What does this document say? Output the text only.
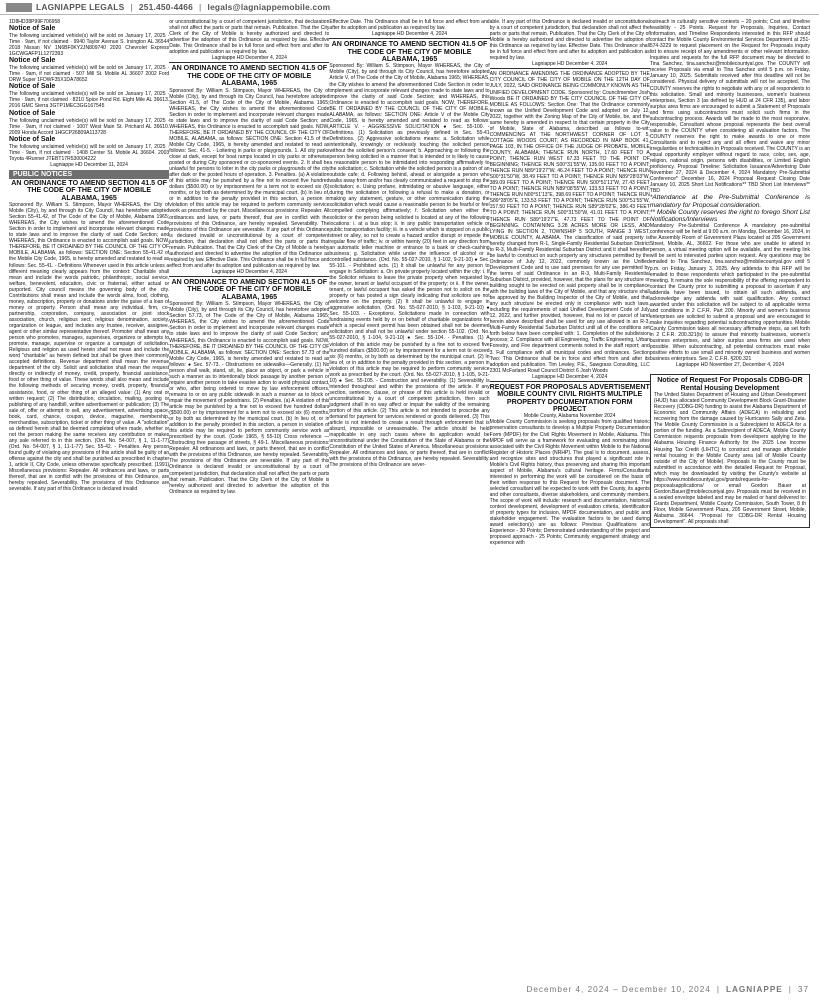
LAGNIAPPE LEGALS | 251.450-4466 | legals@lagniappemobile.com

1D8HD38P99F706958

Notice of Sale

The following unclaimed vehicle(s) will be sold on January 17, 2025 · Time · 9am, if not claimed · 9940 Taylor Avenue S. Irvington AL 36544 2018 Nissan NV 1N6BF0KY2JN809740 2020 Chevrolet Express 1GCWGAFP1L1272393

Notice of Sale

The following unclaimed vehicle(s) will be sold on January 17, 2025 · Time · 9am, if not claimed · 507 Mill St. Mobile AL 36607 2002 Ford DRW Super 1FDWF35X1DA78652

Notice of Sale

The following unclaimed vehicle(s) will be sold on January 17, 2025 · Time · 9am, if not claimed · 8210 Spice Pond Rd. Eight Mile AL 36613. 2016 GMC Sierra 3GTP1MEC3GG167545

Notice of Sale

The following unclaimed vehicle(s) will be sold on January 17, 2025 · Time · 9am, if not claimed · 1007 West Main St. Prichard AL 36610. 2009 Honda Accord 1HGCP26809A113728

Notice of Sale

The following unclaimed vehicle(s) will be sold on January 17, 2025 · Time · 9am, if not claimed · 1408 Center St. Mobile AL 36604. 2003 Toyota 4Runner JTEBT17R530004222

Lagniappe HD December 11, 2024

PUBLIC NOTICES

AN ORDINANCE TO AMEND SECTION 41.5 OF THE CODE OF THE CITY OF MOBILE ALABAMA, 1965

Sponsored By: William S. Stimpson, Mayor WHEREAS, the City of Mobile (City), by and through its City Council, has heretofore adopted Section 55-41.42, of The Code of the City of Mobile, Alabama 1965; WHEREAS, the City wishes to amend the aforementioned Code Section in order to implement and incorporate relevant changes made to state laws and to improve the clarity of said Code Section; and WHEREAS, this Ordinance is enacted to accomplish said goals. NOW, THEREFORE, BE IT ORDAINED BY THE COUNCIL OF THE CITY OF MOBILE, ALABAMA, as follows: SECTION ONE: Section 55-41.42 of the Mobile City Code, 1965, is hereby amended and restated to read as follows: Sec. 55-41. - Definitions Whenever used in this article unless a different meaning clearly appears from the context: Charitable shall mean and include the words patriotic, philanthropic, social service, welfare, benevolent, education, civic or fraternal, either actual or purported. City council means the governing body of the city. Contributions shall mean and include the words alms, food, clothing, money, subscription, property or donations under the guise of a loan of money or property. Person shall mean any individual, firm, co-partnership, corporation, company, association or joint stock association, church, religious sect, religious denomination, society, organization or league, and includes any trustee, receiver, assignee, agent or other similar representative thereof. Promoter shall mean any person who promotes, manages, supervises, organizes or attempts to promote, manage, supervise or organize a campaign of solicitation. Religious and religion as used herein shall not mean and include the word "charitable" as herein defined but shall be given their commonly accepted definitions. Revenue department shall mean the revenue department of the city. Solicit and solicitation shall mean the request directly or indirectly of money, credit, property, financial assistance, food or other thing of value. These words shall also mean and include the following methods of securing money, credit, property, financial assistance, food, or other thing of an alleged value: (1) Any oral or written request; (2) The distribution, circulation, mailing, posting or publishing of any handbill, written advertisement or publication; (3) The sale of, offer or attempt to sell, any advertisement, advertising space, book, card, chance, coupon, device, magazine, membership, merchandise, subscription, ticket or other thing of value. A "solicitation" as defined herein shall be deemed completed when made, whether or not the person making the same receives any contribution or makes any sale referred to in this section. (Ord. No. 54-007, § 1, 11-1-77) (Ord. No. 54-007, § 1, 11-1-77) Sec. 55-42. - Penalties. Any person found guilty of violating any provisions of this article shall be guilty of an offense against the city and shall be punished as prescribed in chapter 1, article II, City Code, unless otherwise specifically prescribed. (1991) Miscellaneous provisions: Repealer. All ordinances and laws, or parts thereof, that are in conflict with the provisions of this Ordinance, are hereby repealed. Severability. The provisions of this Ordinance are severable. If any part of this Ordinance is declared invalid

or unconstitutional by a court of competent jurisdiction, that declaration shall not affect the parts or parts that remain. Publication. That the City Clerk of the City of Mobile is hereby authorized and directed to advertise the adoption of this Ordinance as required by law. Effective Date. This Ordinance shall be in full force and effect from and after its adoption and publication as required by law.

Lagniappe HD December 4, 2024

AN ORDINANCE TO AMEND SECTION 41.5 OF THE CODE OF THE CITY OF MOBILE ALABAMA, 1965

Sponsored By: William S. Stimpson, Mayor WHEREAS, the City of Mobile (City), by and through its City Council, has heretofore adopted Section 41.5, of The Code of the City of Mobile, Alabama 1965; WHEREAS, the City wishes to amend the aforementioned Code Section in order to implement and incorporate relevant changes made to state laws and to improve the clarity of said Code Section; and WHEREAS, this Ordinance is enacted to accomplish said goals. NOW, THEREFORE, BE IT ORDAINED BY THE COUNCIL OF THE CITY OF MOBILE, ALABAMA, as follows: SECTION ONE: Section 41.5 of the Mobile City Code, 1965, is hereby amended and restated to read as follows: Sec. 41-5. - Loitering in parks or playgrounds. 1. All city parks close at dark, except for boat ramps located in city parks or otherwise posted or during City sponsored or co-sponsored events. 2. It shall be unlawful for persons to loiter in the city parks or playgrounds of the city after dark or the posted hours of operation. 3. Penalties. (a) A violation of this article may be punished by a fine not to exceed five hundred dollars ($500.00) or by imprisonment for a term not to exceed six (6) months, or by both as determined by the municipal court. (b) In lieu of, or in addition to the penalty provided in this section, a person in violation of this article may be required to perform community service work as prescribed by the court. Miscellaneous provisions: Repealer. All ordinances and laws, or parts thereof, that are in conflict with the provisions of this Ordinance, are hereby repealed. Severability. The provisions of this Ordinance are severable. If any part of this Ordinance is declared invalid or unconstitutional by a court of competent jurisdiction, that declaration shall not affect the parts or parts that remain. Publication. That the City Clerk of the City of Mobile is hereby authorized and directed to advertise the adoption of this Ordinance as required by law. Effective Date. This Ordinance shall be in full force and effect from and after its adoption and publication as required by law.

Lagniappe HD December 4, 2024

AN ORDINANCE TO AMEND SECTION 41.5 OF THE CODE OF THE CITY OF MOBILE ALABAMA, 1965

Sponsored By: William S. Stimpson, Mayor WHEREAS, the City of Mobile (City), by and through its City Council, has heretofore adopted Section 57.73, of The Code of the City of Mobile, Alabama 1965; WHEREAS, the City wishes to amend the aforementioned Code Section in order to implement and incorporate relevant changes made to state laws and to improve the clarity of said Code Section; and WHEREAS, this Ordinance is enacted to accomplish said goals. NOW, THEREFORE, BE IT ORDAINED BY THE COUNCIL OF THE CITY OF MOBILE, ALABAMA, as follows: SECTION ONE: Section 57.73 of the Mobile City Code, 1965, is hereby amended and restated to read as follows: ● Sec. 57-73. - Obstructions on sidewalks—Generally. (1) No person shall walk, stand, sit, lie, place an object, or park a vehicle in such a manner as to intentionally block passage by another person or require another person to take evasive action to avoid physical contact, or who, after being ordered to move by law enforcement officers, remains to or on any public sidewalk in such a manner as to block or impair the movement of pedestrians. (2) Penalties. (a) A violation of this article may be punished by a fine not to exceed five hundred dollars ($500.00) or by imprisonment for a term not to exceed six (6) months, or by both as determined by the municipal court. (b) In lieu of, or in addition to the penalty provided in this section, a person in violation of this article may be required to perform community service work as prescribed by the court. (Code 1965, § 55-10) Cross reference — Obstructing free passage of streets, § 49-1. Miscellaneous provisions: Repealer. All ordinances and laws, or parts thereof, that are in conflict with the provisions of this Ordinance, are hereby repealed. Severability. The provisions of this Ordinance are severable. If any part of this Ordinance is declared invalid or unconstitutional by a court of competent jurisdiction, that declaration shall not affect the parts or parts that remain. Publication. That the City Clerk of the City of Mobile is hereby authorized and directed to advertise the adoption of this Ordinance as required by law.

Effective Date. This Ordinance shall be in full force and effect from and after its adoption and publication as required by law.

Lagniappe HD December 4, 2024

AN ORDINANCE TO AMEND SECTION 41.5 OF THE CODE OF THE CITY OF MOBILE ALABAMA, 1965

Sponsored By: William S. Stimpson, Mayor WHEREAS, the City of Mobile (City), by and through its City Council, has heretofore adopted Article V, of The Code of the City of Mobile, Alabama 1965; WHEREAS, the City wishes to amend the aforementioned Code Section in order to implement and incorporate relevant changes made to state laws and to improve the clarity of said Code Section; and WHEREAS, this Ordinance is enacted to accomplish said goals. NOW, THEREFORE, BE IT ORDAINED BY THE COUNCIL OF THE CITY OF MOBILE, ALABAMA, as follows: SECTION ONE: Article V of the Mobile City Code, 1965, is hereby amended and restated to read as follows: ARTICLE V. - AGGRESSIVE SOLICITATION ● Sec. 55-100. - Definitions. (1) Solicitation as previously defined in Sec. 55-41 Definitions. (2) Aggressive solicitations means: a. Solicitation while intentionally, knowingly or recklessly touching the solicited person without the solicited person's consent; b. Approaching or following the person being solicited in a manner that is intended or is likely to cause a reasonable person to be intimidated into responding affirmatively to the solicitation; c. Solicitation while the solicited person is a patron of an outside cafe; d. Following behind, ahead or alongside a person who walks away from and/or has clearly communicated a request to stop the solicitation; e. Using profane, intimidating or abusive language, either during the solicitation or following a refusal to make a donation, or making any statement, gesture, or other communication during the solicitation which would cause a reasonable person to be fearful or feel compelled complying affirmatively; f. Solicitation when either the solicitor or the person being solicited is located at any of the following locations: i. at a bus stop; ii. in any public transportation vehicle or public transportation facility; iii. in a vehicle which is stopped on a public street or alley, so not to create a hazard and/or disrupt or impede the regular flow of traffic; iv. or within twenty (20) feet in any direction from an automatic teller machine or entrance to a bank or check-cashing business; g. Solicitation while under the influence of alcohol or a controlled substance. (Ord. No. 55-027-2010, § 1-102, 9-21-10) ● Sec. 55-101. - Prohibited acts. (1) It shall be unlawful for any person to engage in Solicitation: a. On private property located within the city: i. If the Solicitor refuses to leave the private property when requested by the owner, tenant or lawful occupant of the property; or ii. If the owner, tenant, or lawful occupant has asked the person not to solicit on the property or has posted a sign clearly indicating that solicitors are not welcome on the property. (2) It shall be unlawful to engage in aggressive solicitation. (Ord. No. 55-027-2010, § 1-103, 9-21-10) ● Sec. 55-103. - Exceptions. Solicitations made in connection with fundraising events held by or on behalf of charitable organizations for which a special event permit has been obtained shall not be deemed solicitation and shall not be unlawful under section 55-102. (Ord. No. 55-027-2010, § 1-104, 9-21-10) ● Sec. 55-104. - Penalties. (1) A violation of this article may be punished by a fine not to exceed five hundred dollars ($500.00) or by imprisonment for a term not to exceed six (6) months, or by both as determined by the municipal court. (2) In lieu of, or in addition to the penalty provided in this section, a person in violation of this article may be required to perform community service work as prescribed by the court. (Ord. No. 55-027-2010, § 1-105, 9-21-10) ● Sec. 55-105. - Construction and severability. (1) Severability is intended throughout and within the provisions of the article. If any section, sentence, clause, or phrase of this article is held invalid or unconstitutional by a court of competent jurisdiction, then such judgment shall in no way affect or impair the validity of the remaining portion of this article. (2) This article is not intended to proscribe any demand for payment for services rendered or goods delivered. (3) This article is not intended to create a result through enforcement that is absurd, impossible or unreasonable. The article should be held inapplicable in any such cases where its application would be unconstitutional under the Constitution of the State of Alabama or the Constitution of the United States of America. Miscellaneous provisions: Repealer. All ordinances and laws, or parts thereof, that are in conflict with the provisions of this Ordinance, are hereby repealed. Severability. The provisions of this Ordinance are sever-

able. If any part of this Ordinance is declared invalid or unconstitutional by a court of competent jurisdiction, that declaration shall not affect the parts or parts that remain. Publication. That the City Clerk of the City of Mobile is hereby authorized and directed to advertise the adoption of this Ordinance as required by law. Effective Date. This Ordinance shall be in full force and effect from and after its adoption and publication as required by law.

Lagniappe HD December 4, 2024

AN ORDINANCE AMENDING THE ORDINANCE ADOPTED BY THE CITY COUNCIL OF THE CITY OF MOBILE ON THE 12TH DAY OF JULY, 2022, SAID ORDINANCE BEING COMMONLY KNOWN AS THE UNIFIED DEVELOPMENT CODE. Sponsored by: Councilmember Josh Woods BE IT ORDAINED BY THE CITY COUNCIL OF THE CITY OF MOBILE AS FOLLOWS: Section One: That the Ordinance commonly known as the Unified Development Code and adopted on July 12, 2022, together with the Zoning Map of the City of Mobile, be, and the same hereby is amended in respect to that certain property in the City of Mobile, State of Alabama, described as follows to-wit: COMMENCING AT THE NORTHWEST CORNER OF LOT 5, COTTAGE WOODS COURT, AS RECORDED IN MAP BOOK 41, PAGE 103, IN THE OFFICE OF THE JUDGE OF PROBATE, MOBILE COUNTY, ALABAMA; THENCE RUN NORTH, 17.60 FEET TO A POINT; THENCE RUN WEST 67.33 FEET TO THE POINT OF BEGINNING; THENCE RUN S00°31'55"W, 135.00 FEET TO A POINT; THENCE RUN N89°19'27"W, 46.24 FEET TO A POINT; THENCE RUN S00°31'50"W, 38.49 FEET TO A POINT; THENCE RUN N89°28'03"W, 389.09 FEET TO A POINT; THENCE RUN S00°51'11"W, 27.43 FEET TO A POINT; THENCE RUN N89°08'55"W, 133.53 FEET TO A POINT; THENCE RUN N00°51'13"E, 398.69 FEET TO A POINT; THENCE RUN S89°28'05"E, 133.53 FEET TO A POINT; THENCE RUN S00°51'55"W, 157.50 FEET TO A POINT; THENCE RUN S89°28'02"E, 386.43 FEET TO A POINT; THENCE RUN S00°31'50"W, 41.01 FEET TO A POINT; THENCE RUN S89°19'27"E, 47.73 FEET TO THE POINT OF BEGINNING. CONTAINING 3.28 ACRES MORE OR LESS, AND LYING IN SECTION 2, TOWNSHIP 5 SOUTH, RANGE 3 WEST, MOBILE COUNTY, ALABAMA. The classification of said property is hereby changed from R-1, Single-Family Residential Suburban District to R-3, Multi-Family Residential Suburban District and it shall hereafter be lawful to construct on such property any structures permitted by the Ordinance of July 12, 2022, commonly known as the Unified Development Code and to use said premises for any use permitted by the terms of said Ordinance in an R-3, Multi-Family Residential Suburban District, provided, however, that the plans for any structure or building sought to be erected on said property shall be in compliance with the building laws of the City of Mobile, and that any structure shall be approved by the Building Inspector of the City of Mobile, and that any such structure be erected only in compliance with such laws, including the requirements of said Unified Development Code of July 12, 2022, and further provided, however, that no lot or parcel of land herein above described shall be used for any use allowed in an R-3, Multi-Family Residential Suburban District until all of the conditions set forth below have been complied with: 1. Completion of the subdivision process; 2. Compliance with all Engineering, Traffic Engineering, Urban Forestry, and Fire department comments noted in the staff report; and 3. Full compliance with all municipal codes and ordinances. Section Two: This Ordinance shall be in force and effect from and after its adoption and publication. Tim Lewley, P.E., Sawgrass Consulting, LLC 2301 McFarland Road Council District 6 Josh Woods

Lagniappe HD December 4, 2024

REQUEST FOR PROPOSALS ADVERTISEMENT MOBILE COUNTY CIVIL RIGHTS MULTIPLE PROPERTY DOCUMENTATION FORM PROJECT

Mobile County, Alabama November 2024

Mobile County Commission is seeking proposals from qualified historic preservation consultants to develop a Multiple Property Documentation Form (MPDF) for the Civil Rights Movement in Mobile, Alabama. This MPDF will serve as a framework for evaluating and nominating sites associated with the Civil Rights Movement within Mobile to the National Register of Historic Places (NRHP). The goal is to document, assess, and recognize sites and structures that played a significant role in Mobile's Civil Rights history, thus preserving and sharing this important aspect of Mobile, Alabama's cultural heritage. Firms/Consultants interested in performing the work will be considered on the basis of their written response to this Request for Proposals document. The selected consultant will be expected to work with the County, its agents and other consultants, diverse stakeholders, and community members. The scope of work will include: research and documentation, historical context development, development of evaluation criteria, identification of property types for inclusion, MPDF documentation, and public and stakeholder engagement. The evaluation factors to be used during award selection(s) are as follows: Previous Qualifications and Experience - 30 Points; Demonstrated understanding of the project and proposed approach - 25 Points; Community engagement strategy and experience with

outreach in culturally sensitive contexts – 20 points; Cost and timeline feasibility - 25 Points. Request for Proposals, Inquiries, Contact Information, and Timeline Respondents interested in this RFP should contact the Mobile County Environmental Services Department at 251-574-3229 to request placement on the Request for Proposals inquiry list to ensure receipt of any amendments or other relevant information. Inquiries and requests for the full RFP document may be directed to Tina Sanchez, tina.sanchez@mobilecountyal.gov. The COUNTY will receive Proposals via email to Tina Sanchez until 5 p.m. on Friday, January 10, 2025. Submittals received after this deadline will not be considered. Physical delivery of submittals will not be accepted. The COUNTY reserves the rights to negotiate with any or all respondents to this solicitation. Small and minority businesses, women's business enterprises, Section 3 (as defined by HUD at 24 CFR 135), and labor surplus area firms are encouraged to submit a Statement of Proposals and firms using subcontractors must solicit such firms in the subcontracting process. Awards will be made to the most responsive, responsible, Consultant whose proposal represents the best overall value to the COUNTY when considering all evaluation factors. The COUNTY reserves the right to make awards to one or more Consultants and to reject any and all offers and waive any minor irregularities or technicalities in Proposals received. The COUNTY is an equal opportunity employer without regard to race, color, sex, age, religion, national origin, persons with disabilities, or Limited English proficiency. Proposal Timeline: Solicitation Issuance/Advertising Date November 27, 2024 & December 4, 2024 Mandatory Pre-Submittal Conference* December 16, 2024 Proposal Request Closing Date January 10, 2025 Short List Notifications** TBD Short List Interviews** TBD

*Attendance at the Pre-Submittal Conference is mandatory for Proposal consideration.

** Mobile County reserves the right to forego Short List Notifications/Interviews

Mandatory Pre-Submittal Conference A mandatory pre-submittal conference will be held at 9:00 a.m. on Monday, December 16, 2024, in the Assembly Room of Government Plaza located at 205 Government Street, Mobile, AL, 36602. For those who are unable to attend in person, a virtual meeting option will be available, and the meeting link will be sent to interested parties upon request. Any questions may be emailed to Tina Sanchez, tina.sanchez@mobilecountyal.gov until 5 p.m. on Friday, January 3, 2025. Any addenda to this RFP will be emailed to those respondents which participated in the pre-submittal meeting. It remains the sole responsibility of the offering respondent to contact the County prior to submitting a proposal to ascertain if any addenda have been issued, to obtain all such addenda, and acknowledge any addenda with said qualification. Any contract awarded under this solicitation will be subject to all applicable terms and conditions in 2 C.F.R. Part 200. Minority and women's business enterprises are solicited to submit a proposal and are encouraged to make inquiries regarding potential subcontracting opportunities. Mobile County Commission takes all necessary affirmative steps, as set forth in 2 C.F.R. 200.321(b) to assure that minority businesses, women's business enterprises, and labor surplus area firms are used when possible. When subcontracting, all potential contractors must make positive efforts to use small and minority owned business and women business enterprises. See 2. C.F.R. §200.321

Lagniappe HD November 27, December 4, 2024

Notice of Request For Proposals CDBG-DR Rental Housing Development

The United States Department of Housing and Urban Development (HUD) has allocated Community Development Block Grant-Disaster Recovery (CDBG-DR) funding to assist the Alabama Department of Economic and Community Affairs (ADECA) in rebuilding and recovering from the damage caused by Hurricanes Sally and Zeta. The Mobile County Commission is a Subrecipient to ADECA for a portion of the funding. As a Subrecipient of ADECA, Mobile County Commission requests proposals from developers applying to the Alabama Housing Finance Authority for the 2025 Low Income Housing Tax Credit (LIHTC) to construct and manage affordable rental housing in the Mobile County area (all of Mobile County outside of the City of Mobile). Proposals to the County must be submitted in accordance with the detailed Request for Proposal, which may be downloaded by visiting the County's website at https://www.mobilecountyal.gov/grants/requests-for-proposalsapplications/ or email Gordon Bauer at Gordon.Bauer@mobilecountyal.gov. Proposals must be received in a sealed envelope labeled and may be mailed or hand delivered to: Grants Department, Mobile County Commission, South Tower, 8 th Floor, Mobile Government Plaza, 205 Government Street, Mobile, Alabama 36644. "Proposal for CDBG-DR Rental Housing Development". All proposals shall

December 4, 2024 – December 10, 2024 | LAGNIAPPE | 37
